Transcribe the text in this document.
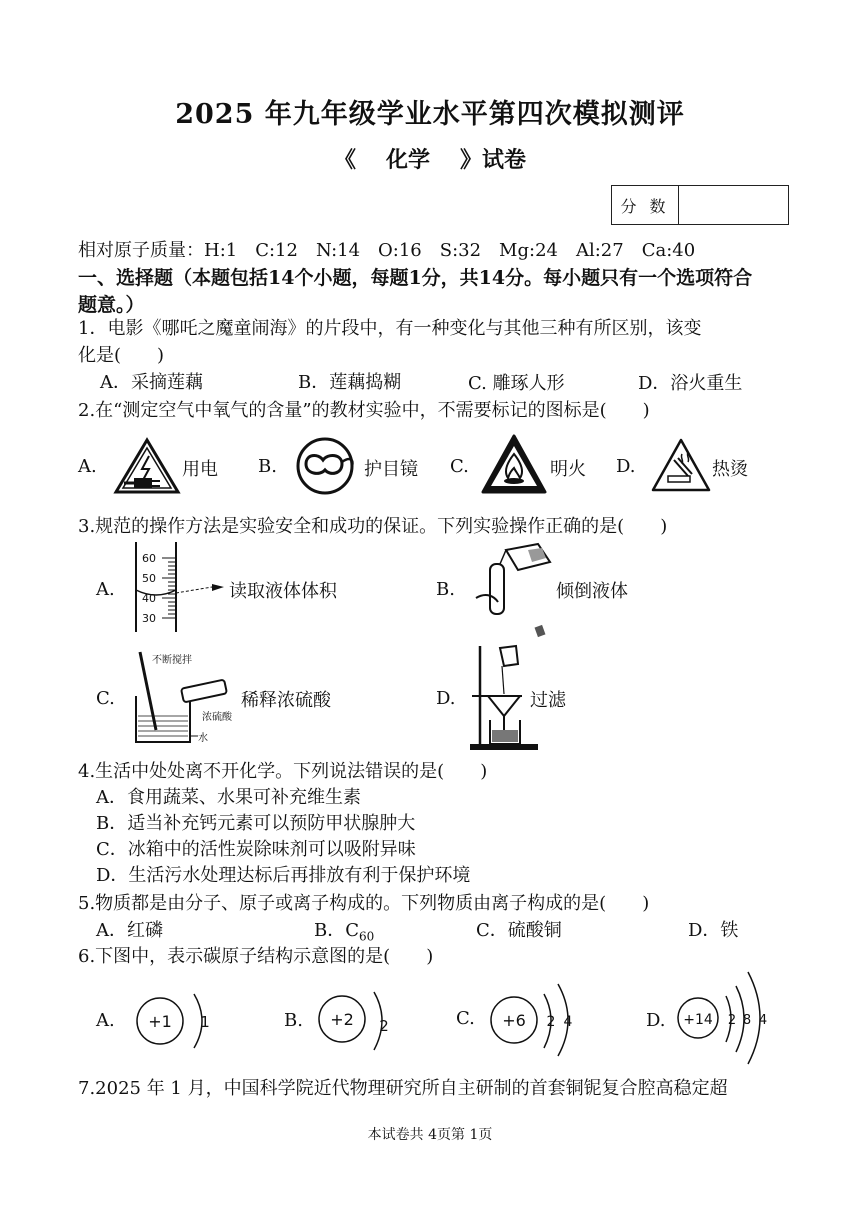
2025 年九年级学业水平第四次模拟测评
《 化学 》试卷
分 数
相对原子质量：H:1　C:12　N:14　O:16　S:32　Mg:24　Al:27　Ca:40
一、选择题（本题包括14个小题，每题1分，共14分。每小题只有一个选项符合
题意。）
1．电影《哪吒之魔童闹海》的片段中，有一种变化与其他三种有所区别，该变
化是(　　)
A．采摘莲藕	B．莲藕捣糊	C. 雕琢人形	D．浴火重生
2.在“测定空气中氧气的含量”的教材实验中，不需要标记的图标是(　　)
A.	用电 B.	护目镜 C.	明火 D.	热烫
3.规范的操作方法是实验安全和成功的保证。下列实验操作正确的是(　　)
A.
60
50
40
30
读取液体体积	B.	倾倒液体
C.
不断搅拌
浓硫酸
水
稀释浓硫酸	D.	过滤
4.生活中处处离不开化学。下列说法错误的是(　　)
A．食用蔬菜、水果可补充维生素
B．适当补充钙元素可以预防甲状腺肿大
C．冰箱中的活性炭除味剂可以吸附异味
D．生活污水处理达标后再排放有利于保护环境
5.物质都是由分子、原子或离子构成的。下列物质由离子构成的是(　　)
A．红磷	B．$C_{60}$	C．硫酸铜	D．铁
6.下图中，表示碳原子结构示意图的是(　　)
A. +1 1	B. +2 2	C. +6 2 4	D. +14 2 8 4
7.2025 年 1 月，中国科学院近代物理研究所自主研制的首套铜铌复合腔高稳定超
本试卷共 4页第 1页
